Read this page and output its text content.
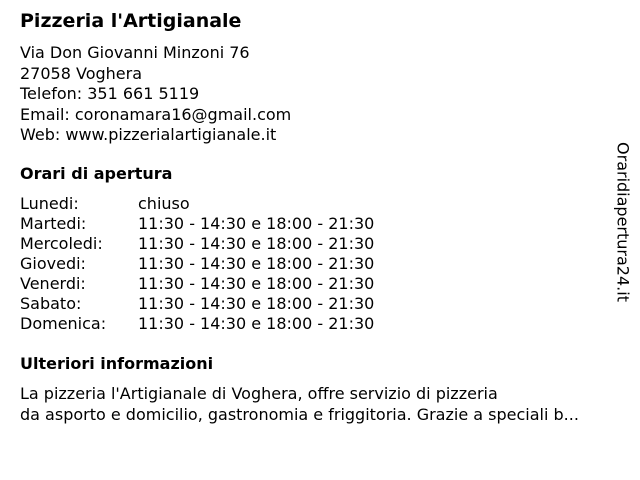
Pizzeria l'Artigianale
Via Don Giovanni Minzoni 76
27058 Voghera
Telefon: 351 661 5119
Email: coronamara16@gmail.com
Web: www.pizzerialartigianale.it
Orari di apertura
Lunedi:	chiuso
Martedi:	11:30 - 14:30 e 18:00 - 21:30
Mercoledi:	11:30 - 14:30 e 18:00 - 21:30
Giovedi:	11:30 - 14:30 e 18:00 - 21:30
Venerdi:	11:30 - 14:30 e 18:00 - 21:30
Sabato:	11:30 - 14:30 e 18:00 - 21:30
Domenica:	11:30 - 14:30 e 18:00 - 21:30
Ulteriori informazioni
La pizzeria l'Artigianale di Voghera, offre servizio di pizzeria
da asporto e domicilio, gastronomia e friggitoria. Grazie a speciali b...
Oraridiapertura24.it
